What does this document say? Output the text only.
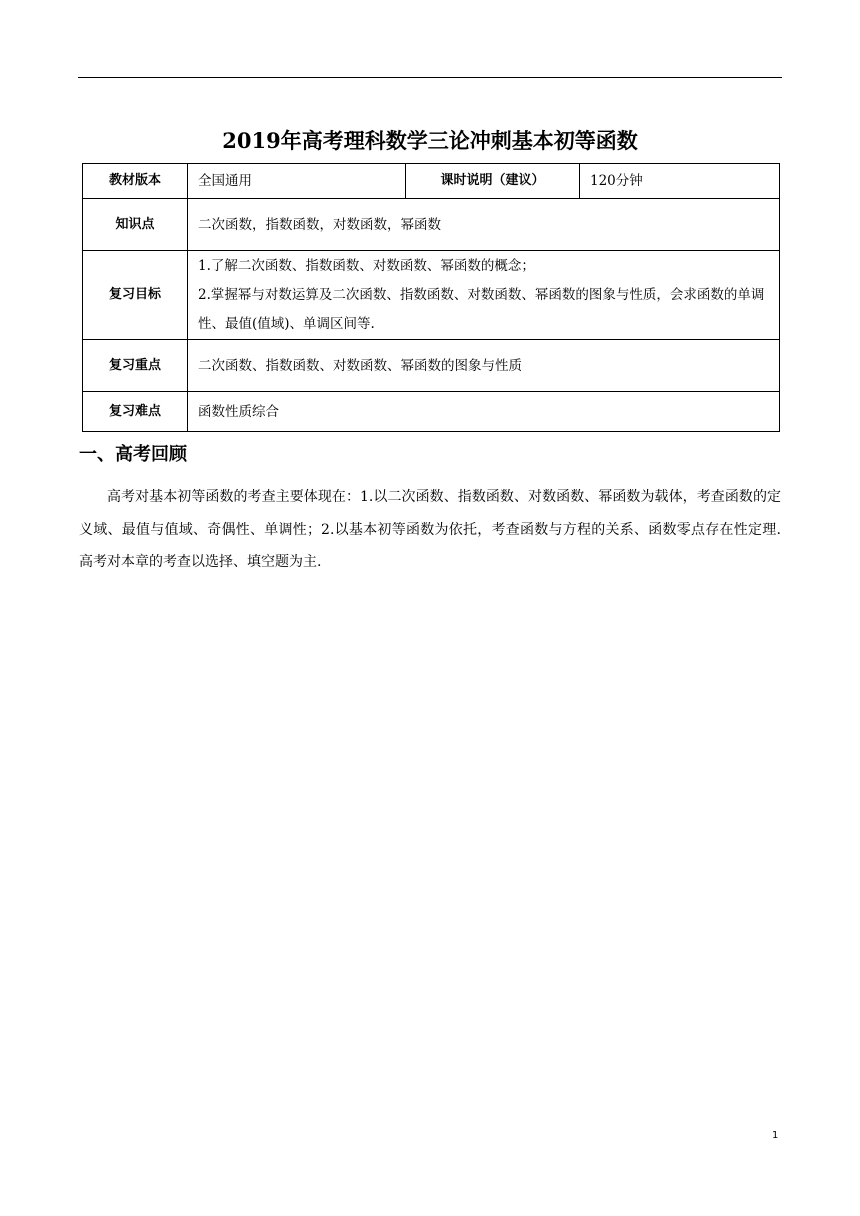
2019年高考理科数学三论冲刺基本初等函数
教材版本	全国通用	课时说明（建议）	120分钟
知识点	二次函数，指数函数，对数函数，幂函数		
复习目标	1.了解二次函数、指数函数、对数函数、幂函数的概念；
2.掌握幂与对数运算及二次函数、指数函数、对数函数、幂函数的图象与性质，会求函数的单调性、最值(值域)、单调区间等.		

复习重点	二次函数、指数函数、对数函数、幂函数的图象与性质		
复习难点	函数性质综合		
一、高考回顾
高考对基本初等函数的考查主要体现在：1.以二次函数、指数函数、对数函数、幂函数为载体，考查函数的定义域、最值与值域、奇偶性、单调性；2.以基本初等函数为依托，考查函数与方程的关系、函数零点存在性定理.高考对本章的考查以选择、填空题为主.
1
